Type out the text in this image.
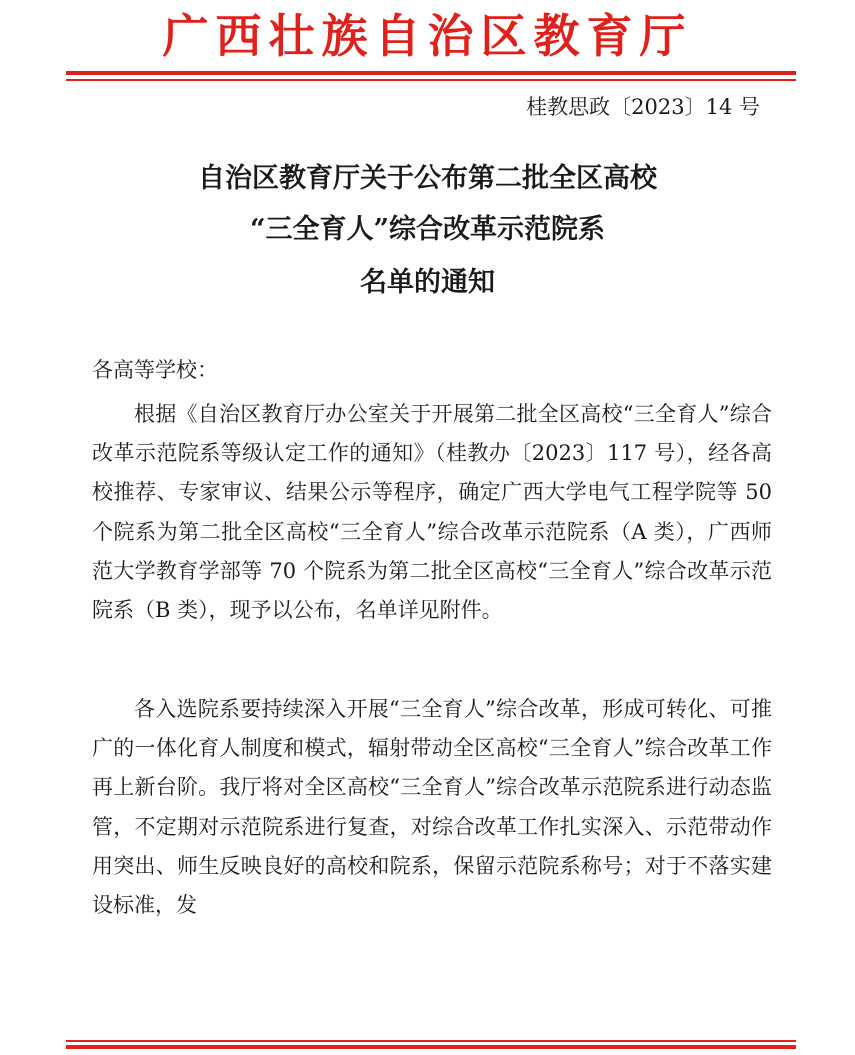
广西壮族自治区教育厅
桂教思政〔2023〕14 号
自治区教育厅关于公布第二批全区高校
“三全育人”综合改革示范院系
名单的通知
各高等学校：

根据《自治区教育厅办公室关于开展第二批全区高校“三全育人”综合改革示范院系等级认定工作的通知》（桂教办〔2023〕117 号），经各高校推荐、专家审议、结果公示等程序，确定广西大学电气工程学院等 50 个院系为第二批全区高校“三全育人”综合改革示范院系（A 类），广西师范大学教育学部等 70 个院系为第二批全区高校“三全育人”综合改革示范院系（B 类），现予以公布，名单详见附件。

各入选院系要持续深入开展“三全育人”综合改革，形成可转化、可推广的一体化育人制度和模式，辐射带动全区高校“三全育人”综合改革工作再上新台阶。我厅将对全区高校“三全育人”综合改革示范院系进行动态监管，不定期对示范院系进行复查，对综合改革工作扎实深入、示范带动作用突出、师生反映良好的高校和院系，保留示范院系称号；对于不落实建设标准，发
